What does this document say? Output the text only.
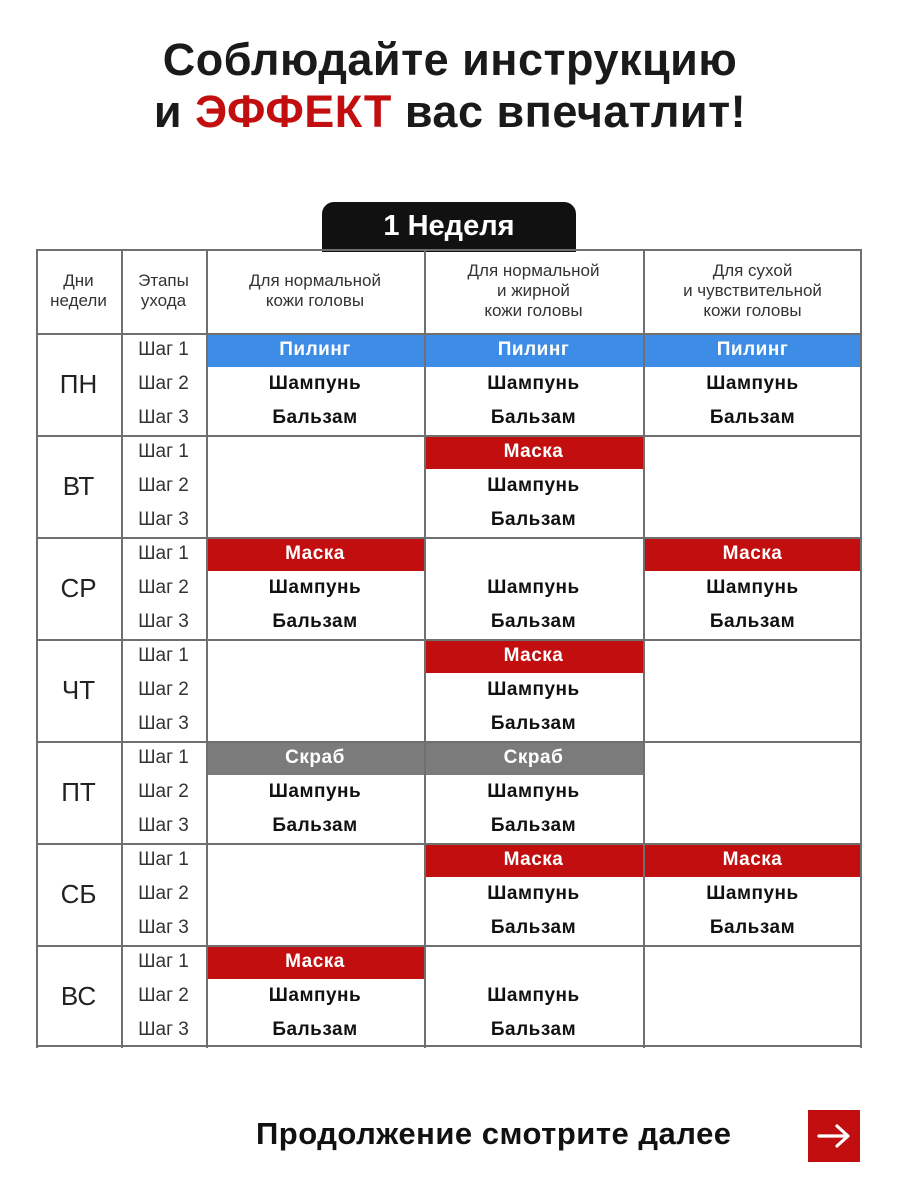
Соблюдайте инструкцию
и ЭФФЕКТ вас впечатлит!
1 Неделя
Дни
недели
Этапы
ухода
Для нормальной
кожи головы
Для нормальной
и жирной
кожи головы
Для сухой
и чувствительной
кожи головы
ПН
Шаг 1
Шаг 2
Шаг 3
Пилинг
Шампунь
Бальзам
Пилинг
Шампунь
Бальзам
Пилинг
Шампунь
Бальзам
ВТ
Шаг 1
Шаг 2
Шаг 3
Маска
Шампунь
Бальзам
СР
Шаг 1
Шаг 2
Шаг 3
Маска
Шампунь
Бальзам
Шампунь
Бальзам
Маска
Шампунь
Бальзам
ЧТ
Шаг 1
Шаг 2
Шаг 3
Маска
Шампунь
Бальзам
ПТ
Шаг 1
Шаг 2
Шаг 3
Скраб
Шампунь
Бальзам
Скраб
Шампунь
Бальзам
СБ
Шаг 1
Шаг 2
Шаг 3
Маска
Шампунь
Бальзам
Маска
Шампунь
Бальзам
ВС
Шаг 1
Шаг 2
Шаг 3
Маска
Шампунь
Бальзам
Шампунь
Бальзам
Продолжение смотрите далее
